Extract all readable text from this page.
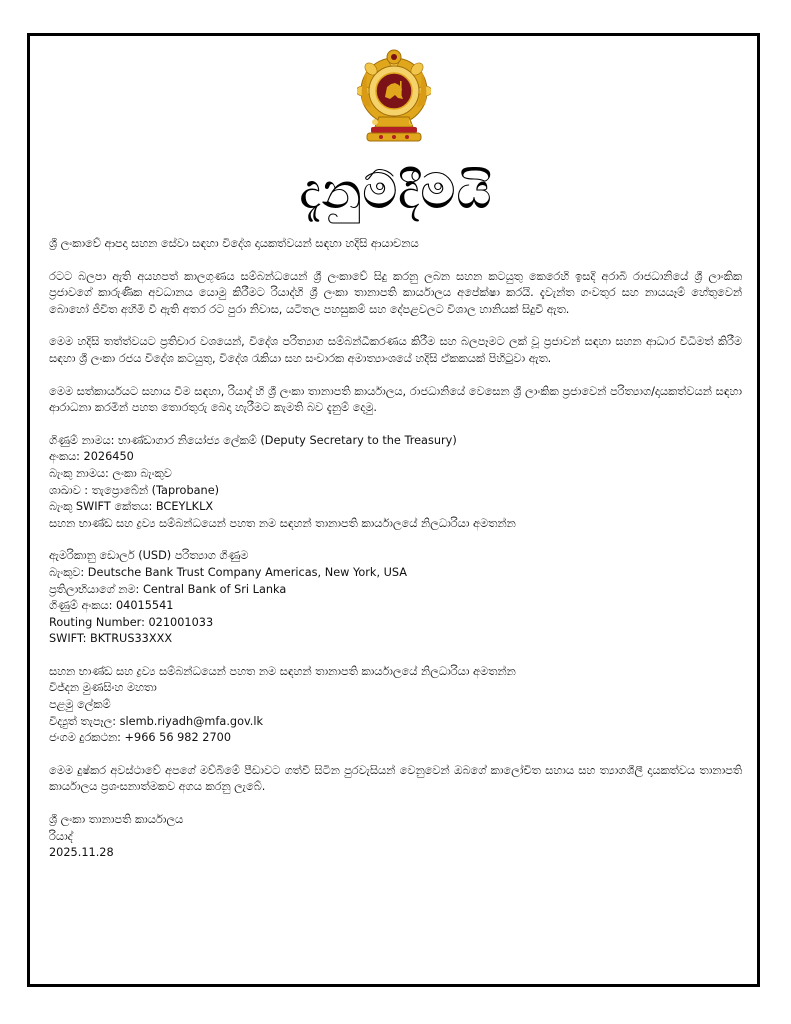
දැනුම්දීමයි

ශ්‍රී ලංකාවේ ආපදා සහන සේවා සඳහා විදේශ දායකත්වයන් සඳහා හදිසි ආයාචනය

රටට බලපා ඇති අයහපත් කාලගුණය සම්බන්ධයෙන් ශ්‍රී ලංකාවේ සිදු කරනු ලබන සහන කටයුතු කෙරෙහි ඉසදි අරාබි රාජධානියේ ශ්‍රී ලාංකික ප්‍රජාවගේ කාරුණික අවධානය යොමු කිරීමට රියාද්හි ශ්‍රී ලංකා තානාපති කාර්යාලය අපේක්ෂා කරයි. දැවැන්ත ගංවතුර සහ නායයෑම් හේතුවෙන් බොහෝ ජීවිත අහිමි වී ඇති අතර රට පුරා නිවාස, යටිතල පහසුකම් සහ දේපළවලට විශාල හානියක් සිදුවී ඇත.

මෙම හදිසි තත්ත්වයට ප්‍රතිචාර වශයෙන්, විදේශ පරිත්‍යාග සම්බන්ධීකරණය කිරීම සහ බලපෑමට ලක් වූ ප්‍රජාවන් සඳහා සහන ආධාර විධිමත් කිරීම සඳහා ශ්‍රී ලංකා රජය විදේශ කටයුතු, විදේශ රැකියා සහ සංචාරක අමාත්‍යාංශයේ හදිසි ඒකකයක් පිහිටුවා ඇත.

මෙම සත්කාර්යයට සහාය වීම සඳහා, රියාද් හි ශ්‍රී ලංකා තානාපති කාර්යාලය, රාජධානියේ වෙසෙන ශ්‍රී ලාංකික ප්‍රජාවෙන් පරිත්‍යාග/දායකත්වයන් සඳහා ආරාධනා කරමින් පහත තොරතුරු බෙදා හැරීමට කැමති බව දැනුම් දෙමු.

ගිණුම් නාමය: භාණ්ඩාගාර නියෝජ්‍ය ලේකම් (Deputy Secretary to the Treasury)
අංකය: 2026450
බැංකු නාමය: ලංකා බැංකුව
ශාඛාව : තැප්‍රොබේන් (Taprobane)
බැංකු SWIFT කේතය: BCEYLKLX
සහන භාණ්ඩ සහ ද්‍රව්‍ය සම්බන්ධයෙන් පහත නම සඳහන් තානාපති කාර්යාලයේ නිලධාරියා අමතන්න
ඇමරිකානු ඩොලර් (USD) පරිත්‍යාග ගිණුම
බැංකුව: Deutsche Bank Trust Company Americas, New York, USA
ප්‍රතිලාභියාගේ නම: Central Bank of Sri Lanka
ගිණුම් අංකය: 04015541
Routing Number: 021001033
SWIFT: BKTRUS33XXX
සහන භාණ්ඩ සහ ද්‍රව්‍ය සම්බන්ධයෙන් පහත නම සඳහන් තානාපති කාර්යාලයේ නිලධාරියා අමතන්න
විජ්දන මුණසිංහ මහතා
පළමු ලේකම්
විද්‍යුත් තැපෑල: slemb.riyadh@mfa.gov.lk
ජංගම දුරකථන: +966 56 982 2700

මෙම දුෂ්කර අවස්ථාවේ අපගේ මව්බිමේ පීඩාවට ගත්වී සිටින පුරවැසියන් වෙනුවෙන් ඔබගේ කාලෝචිත සහාය සහ ත්‍යාගශීලී දායකත්වය තානාපති කාර්යාලය ප්‍රශංසනාත්මකව අගය කරනු ලැබේ.

ශ්‍රී ලංකා තානාපති කාර්යාලය
රියාද්
2025.11.28
